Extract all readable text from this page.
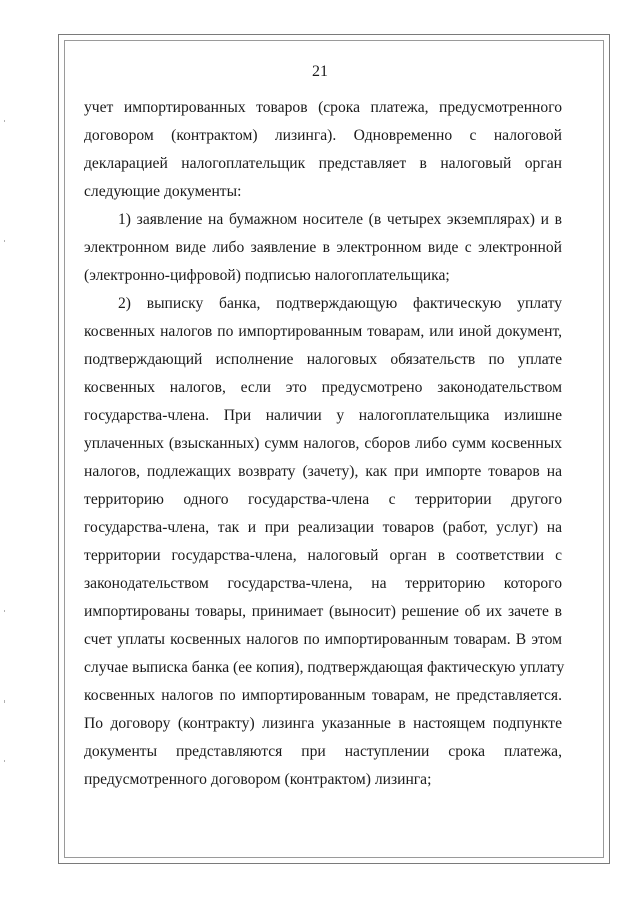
21
учет импортированных товаров (срока платежа, предусмотренного
договором (контрактом) лизинга). Одновременно с налоговой
декларацией налогоплательщик представляет в налоговый орган
следующие документы:
1) заявление на бумажном носителе (в четырех экземплярах) и в
электронном виде либо заявление в электронном виде с электронной
(электронно-цифровой) подписью налогоплательщика;
2) выписку банка, подтверждающую фактическую уплату
косвенных налогов по импортированным товарам, или иной документ,
подтверждающий исполнение налоговых обязательств по уплате
косвенных налогов, если это предусмотрено законодательством
государства-члена. При наличии у налогоплательщика излишне
уплаченных (взысканных) сумм налогов, сборов либо сумм косвенных
налогов, подлежащих возврату (зачету), как при импорте товаров на
территорию одного государства-члена с территории другого
государства-члена, так и при реализации товаров (работ, услуг) на
территории государства-члена, налоговый орган в соответствии с
законодательством государства-члена, на территорию которого
импортированы товары, принимает (выносит) решение об их зачете в
счет уплаты косвенных налогов по импортированным товарам. В этом
случае выписка банка (ее копия), подтверждающая фактическую уплату
косвенных налогов по импортированным товарам, не представляется.
По договору (контракту) лизинга указанные в настоящем подпункте
документы представляются при наступлении срока платежа,
предусмотренного договором (контрактом) лизинга;
